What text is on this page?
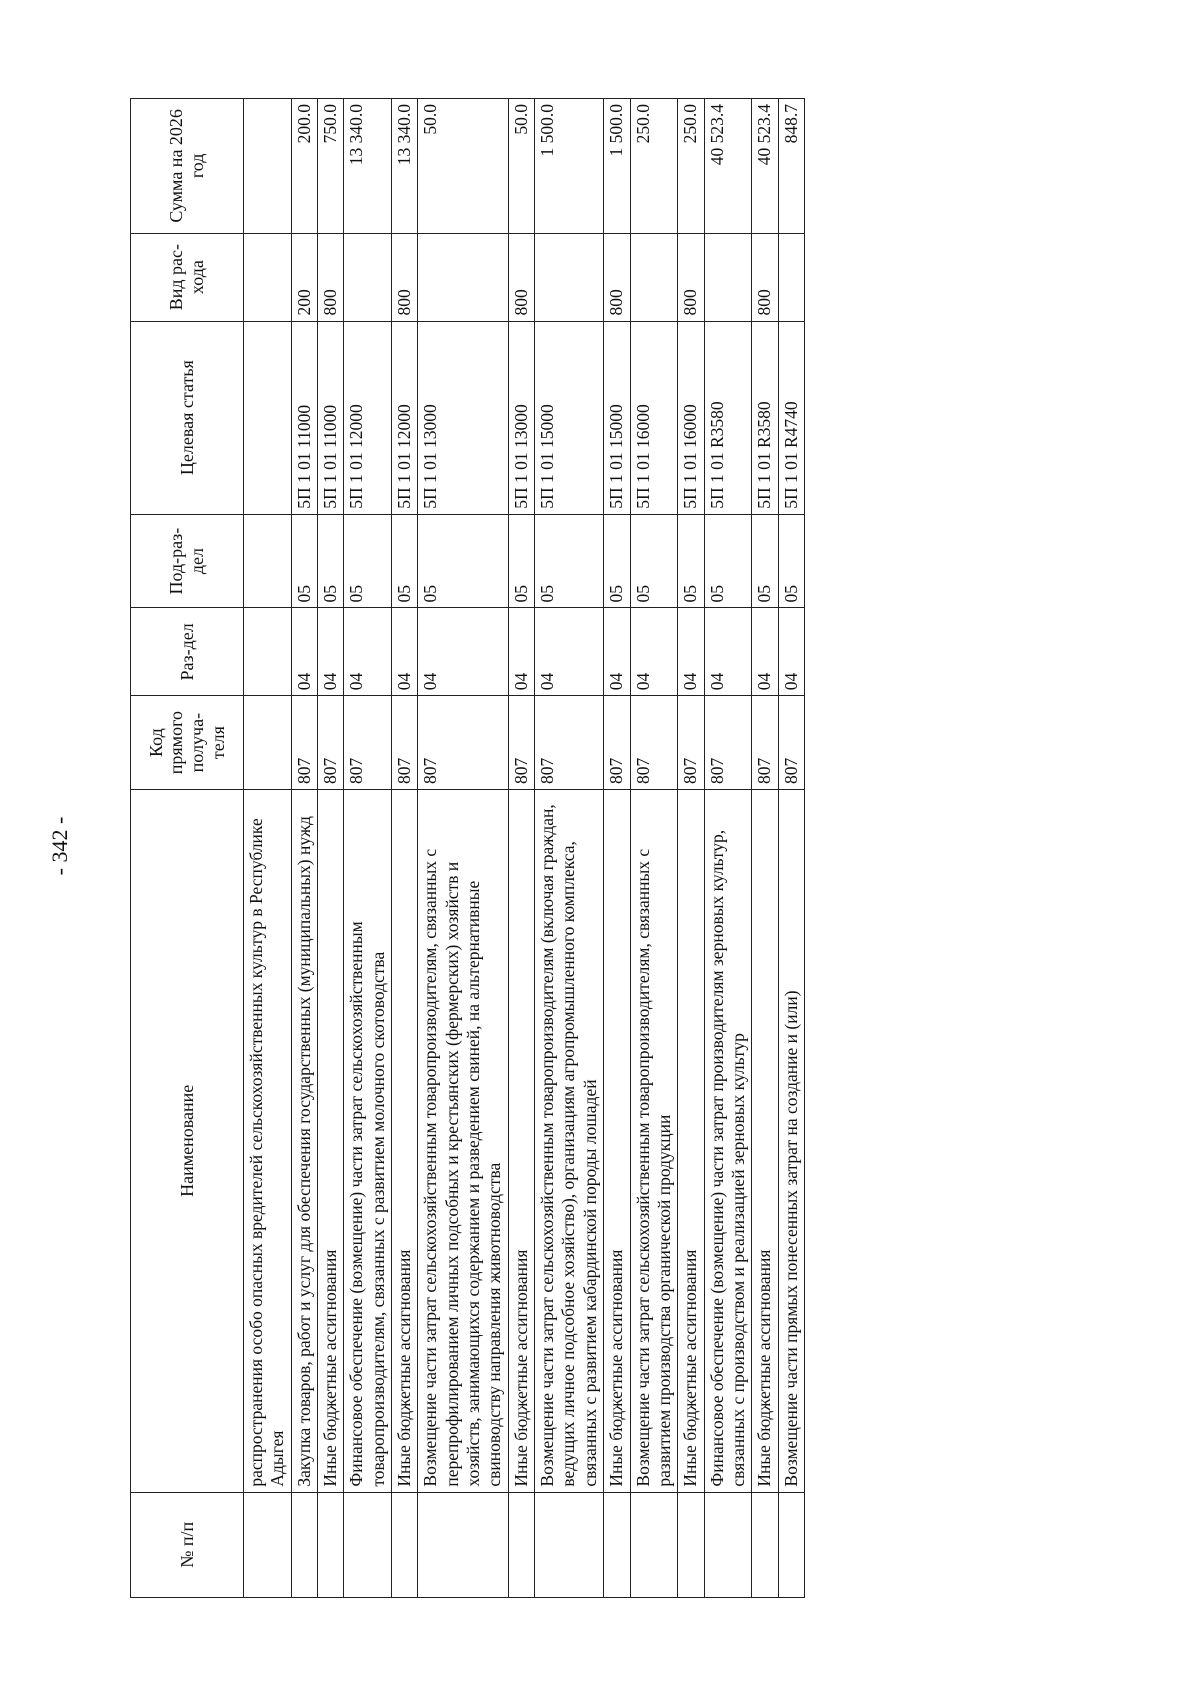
- 342 -
№ п/п	Наименование	Код прямого получа-теля	Раз-дел	Под-раз-дел	Целевая статья	Вид рас-хода	Сумма на 2026 год
	распространения особо опасных вредителей сельскохозяйственных культур в Республике Адыгея						
	Закупка товаров, работ и услуг для обеспечения государственных (муниципальных) нужд	807	04	05	5П 1 01 11000	200	200.0
	Иные бюджетные ассигнования	807	04	05	5П 1 01 11000	800	750.0
	Финансовое обеспечение (возмещение) части затрат сельскохозяйственным товаропроизводителям, связанных с развитием молочного скотоводства	807	04	05	5П 1 01 12000		13 340.0
	Иные бюджетные ассигнования	807	04	05	5П 1 01 12000	800	13 340.0
	Возмещение части затрат сельскохозяйственным товаропроизводителям, связанных с перепрофилированием личных подсобных и крестьянских (фермерских) хозяйств и хозяйств, занимающихся содержанием и разведением свиней, на альтернативные свиноводству направления животноводства	807	04	05	5П 1 01 13000		50.0
	Иные бюджетные ассигнования	807	04	05	5П 1 01 13000	800	50.0
	Возмещение части затрат сельскохозяйственным товаропроизводителям (включая граждан, ведущих личное подсобное хозяйство), организациям агропромышленного комплекса, связанных с развитием кабардинской породы лошадей	807	04	05	5П 1 01 15000		1 500.0
	Иные бюджетные ассигнования	807	04	05	5П 1 01 15000	800	1 500.0
	Возмещение части затрат сельскохозяйственным товаропроизводителям, связанных с развитием производства органической продукции	807	04	05	5П 1 01 16000		250.0
	Иные бюджетные ассигнования	807	04	05	5П 1 01 16000	800	250.0
	Финансовое обеспечение (возмещение) части затрат производителям зерновых культур, связанных с производством и реализацией зерновых культур	807	04	05	5П 1 01 R3580		40 523.4
	Иные бюджетные ассигнования	807	04	05	5П 1 01 R3580	800	40 523.4
	Возмещение части прямых понесенных затрат на создание и (или)	807	04	05	5П 1 01 R4740		848.7
